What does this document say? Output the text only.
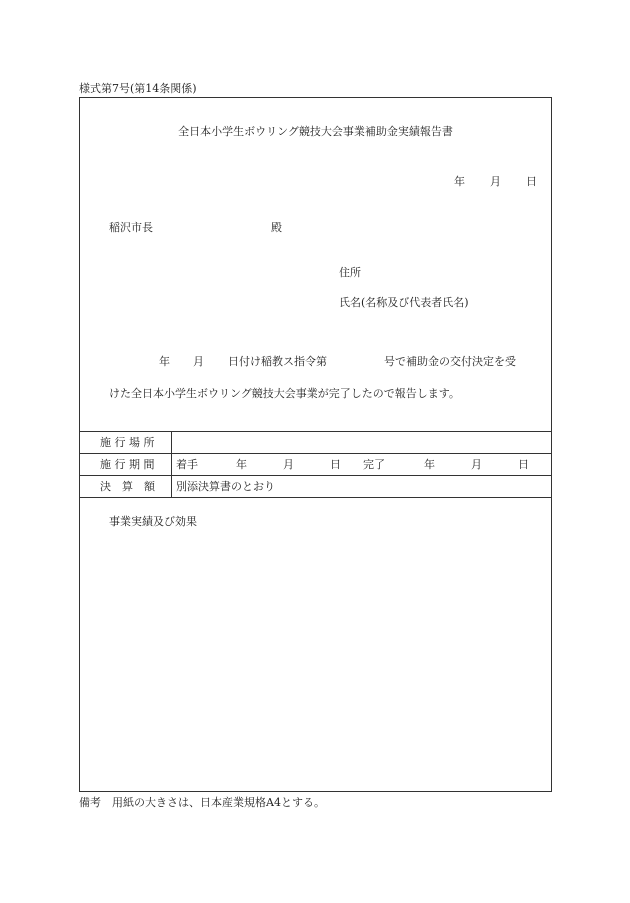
様式第7号(第14条関係)
全日本小学生ボウリング競技大会事業補助金実績報告書
年 月 日
稲沢市長	殿
住所
氏名(名称及び代表者氏名)
年 月 日付け稲教ス指令第	号で補助金の交付決定を受
けた全日本小学生ボウリング競技大会事業が完了したので報告します。
施 行 場 所
施 行 期 間 着手	年	月	日 完了	年	月	日
決　算　額 別添決算書のとおり
事業実績及び効果
備考　用紙の大きさは、日本産業規格A4とする。
